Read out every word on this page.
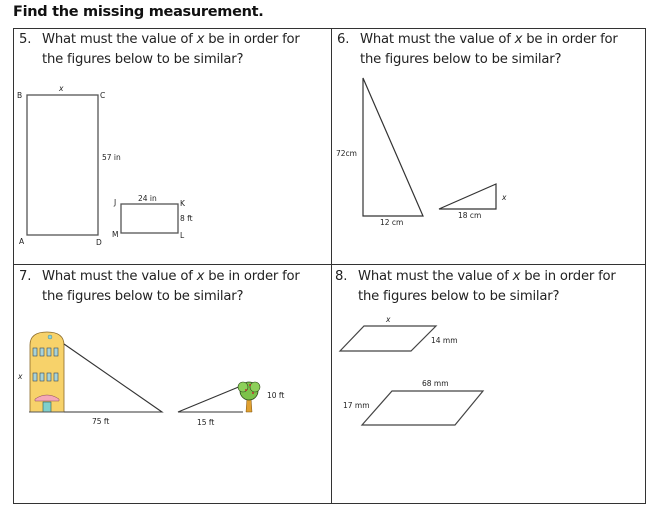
Find the missing measurement.
5. What must the value of x be in order for
the figures below to be similar?
6. What must the value of x be in order for
the figures below to be similar?
7. What must the value of x be in order for
the figures below to be similar?
8. What must the value of x be in order for
the figures below to be similar?
B	C
D
A
x
57 in
J	24 in
K
8 ft
M	L
72cm
12 cm
18 cm
x
x
75 ft
10 ft
15 ft
x
14 mm
68 mm
17 mm
